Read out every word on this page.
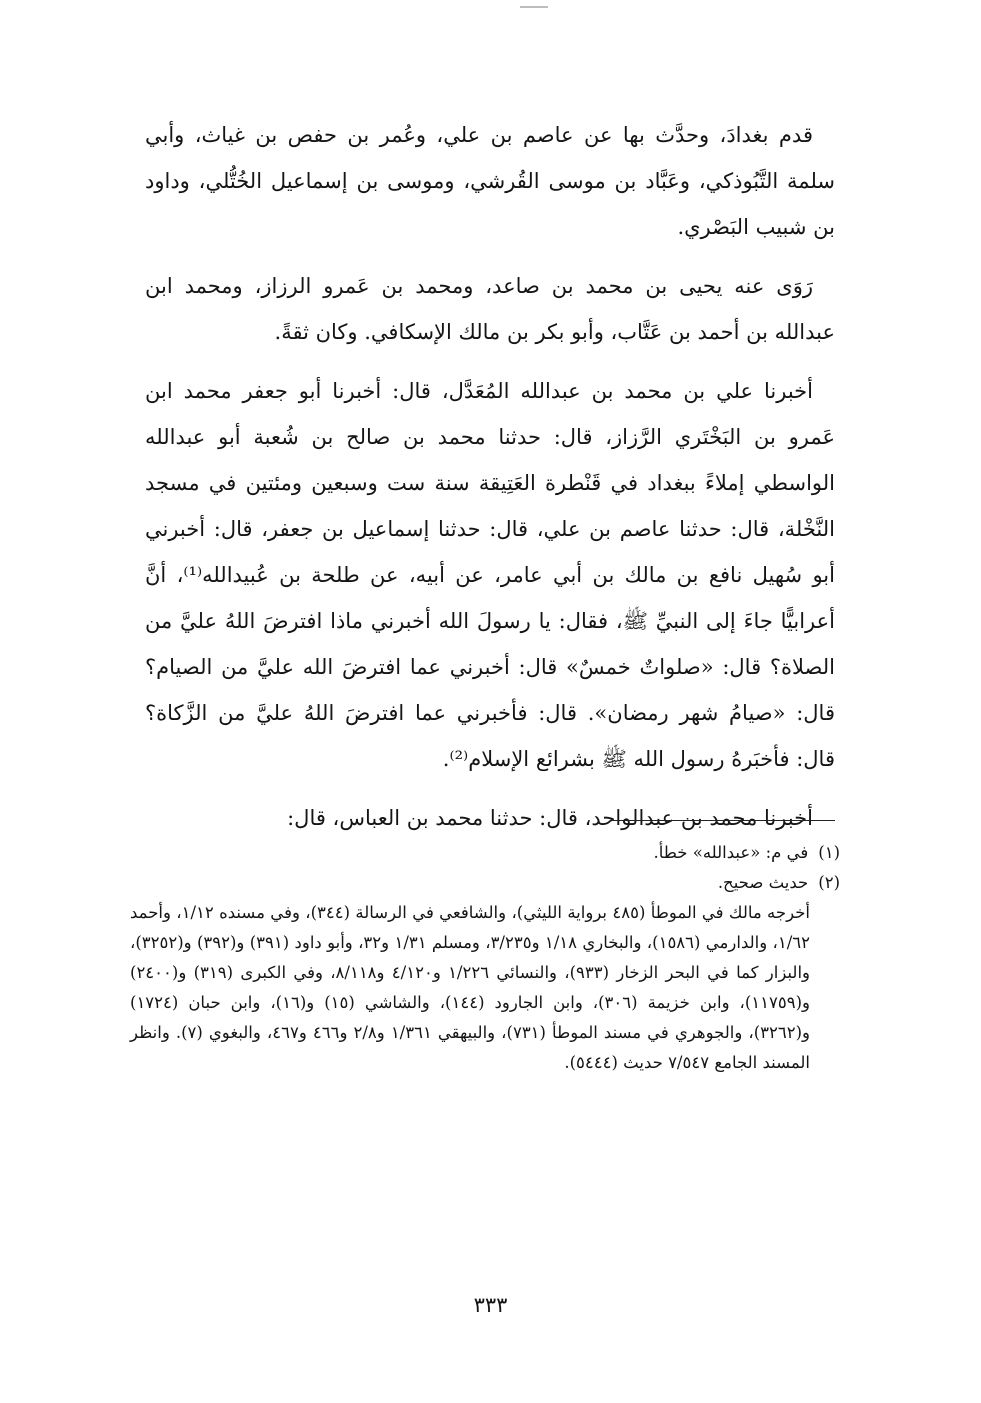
قدم بغدادَ، وحدَّث بها عن عاصم بن علي، وعُمر بن حفص بن غياث، وأبي سلمة التَّبُوذكي، وعَبَّاد بن موسى القُرشي، وموسى بن إسماعيل الخُتُّلي، وداود بن شبيب البَصْري.

رَوَى عنه يحيى بن محمد بن صاعد، ومحمد بن عَمرو الرزاز، ومحمد ابن عبدالله بن أحمد بن عَتَّاب، وأبو بكر بن مالك الإسكافي. وكان ثقةً.

أخبرنا علي بن محمد بن عبدالله المُعَدَّل، قال: أخبرنا أبو جعفر محمد ابن عَمرو بن البَخْتَري الرَّزاز، قال: حدثنا محمد بن صالح بن شُعبة أبو عبدالله الواسطي إملاءً ببغداد في قَنْطرة العَتِيقة سنة ست وسبعين ومئتين في مسجد النَّخْلة، قال: حدثنا عاصم بن علي، قال: حدثنا إسماعيل بن جعفر، قال: أخبرني أبو سُهيل نافع بن مالك بن أبي عامر، عن أبيه، عن طلحة بن عُبيدالله⁽¹⁾، أنَّ أعرابيًّا جاءَ إلى النبيِّ ﷺ، فقال: يا رسولَ الله أخبرني ماذا افترضَ اللهُ عليَّ من الصلاة؟ قال: «صلواتٌ خمسٌ» قال: أخبرني عما افترضَ الله عليَّ من الصيام؟ قال: «صيامُ شهر رمضان». قال: فأخبرني عما افترضَ اللهُ عليَّ من الزَّكاة؟ قال: فأخبَرهُ رسول الله ﷺ بشرائع الإسلام⁽²⁾.

أخبرنا محمد بن عبدالواحد، قال: حدثنا محمد بن العباس، قال:

(١)في م: «عبدالله» خطأ.

(٢)حديث صحيح.

أخرجه مالك في الموطأ (٤٨٥ برواية الليثي)، والشافعي في الرسالة (٣٤٤)، وفي مسنده ١/١٢، وأحمد ١/٦٢، والدارمي (١٥٨٦)، والبخاري ١/١٨ و٣/٢٣٥، ومسلم ١/٣١ و٣٢، وأبو داود (٣٩١) و(٣٩٢) و(٣٢٥٢)، والبزار كما في البحر الزخار (٩٣٣)، والنسائي ١/٢٢٦ و٤/١٢٠ و٨/١١٨، وفي الكبرى (٣١٩) و(٢٤٠٠) و(١١٧٥٩)، وابن خزيمة (٣٠٦)، وابن الجارود (١٤٤)، والشاشي (١٥) و(١٦)، وابن حبان (١٧٢٤) و(٣٢٦٢)، والجوهري في مسند الموطأ (٧٣١)، والبيهقي ١/٣٦١ و٢/٨ و٤٦٦ و٤٦٧، والبغوي (٧). وانظر المسند الجامع ٧/٥٤٧ حديث (٥٤٤٤).

٣٣٣
